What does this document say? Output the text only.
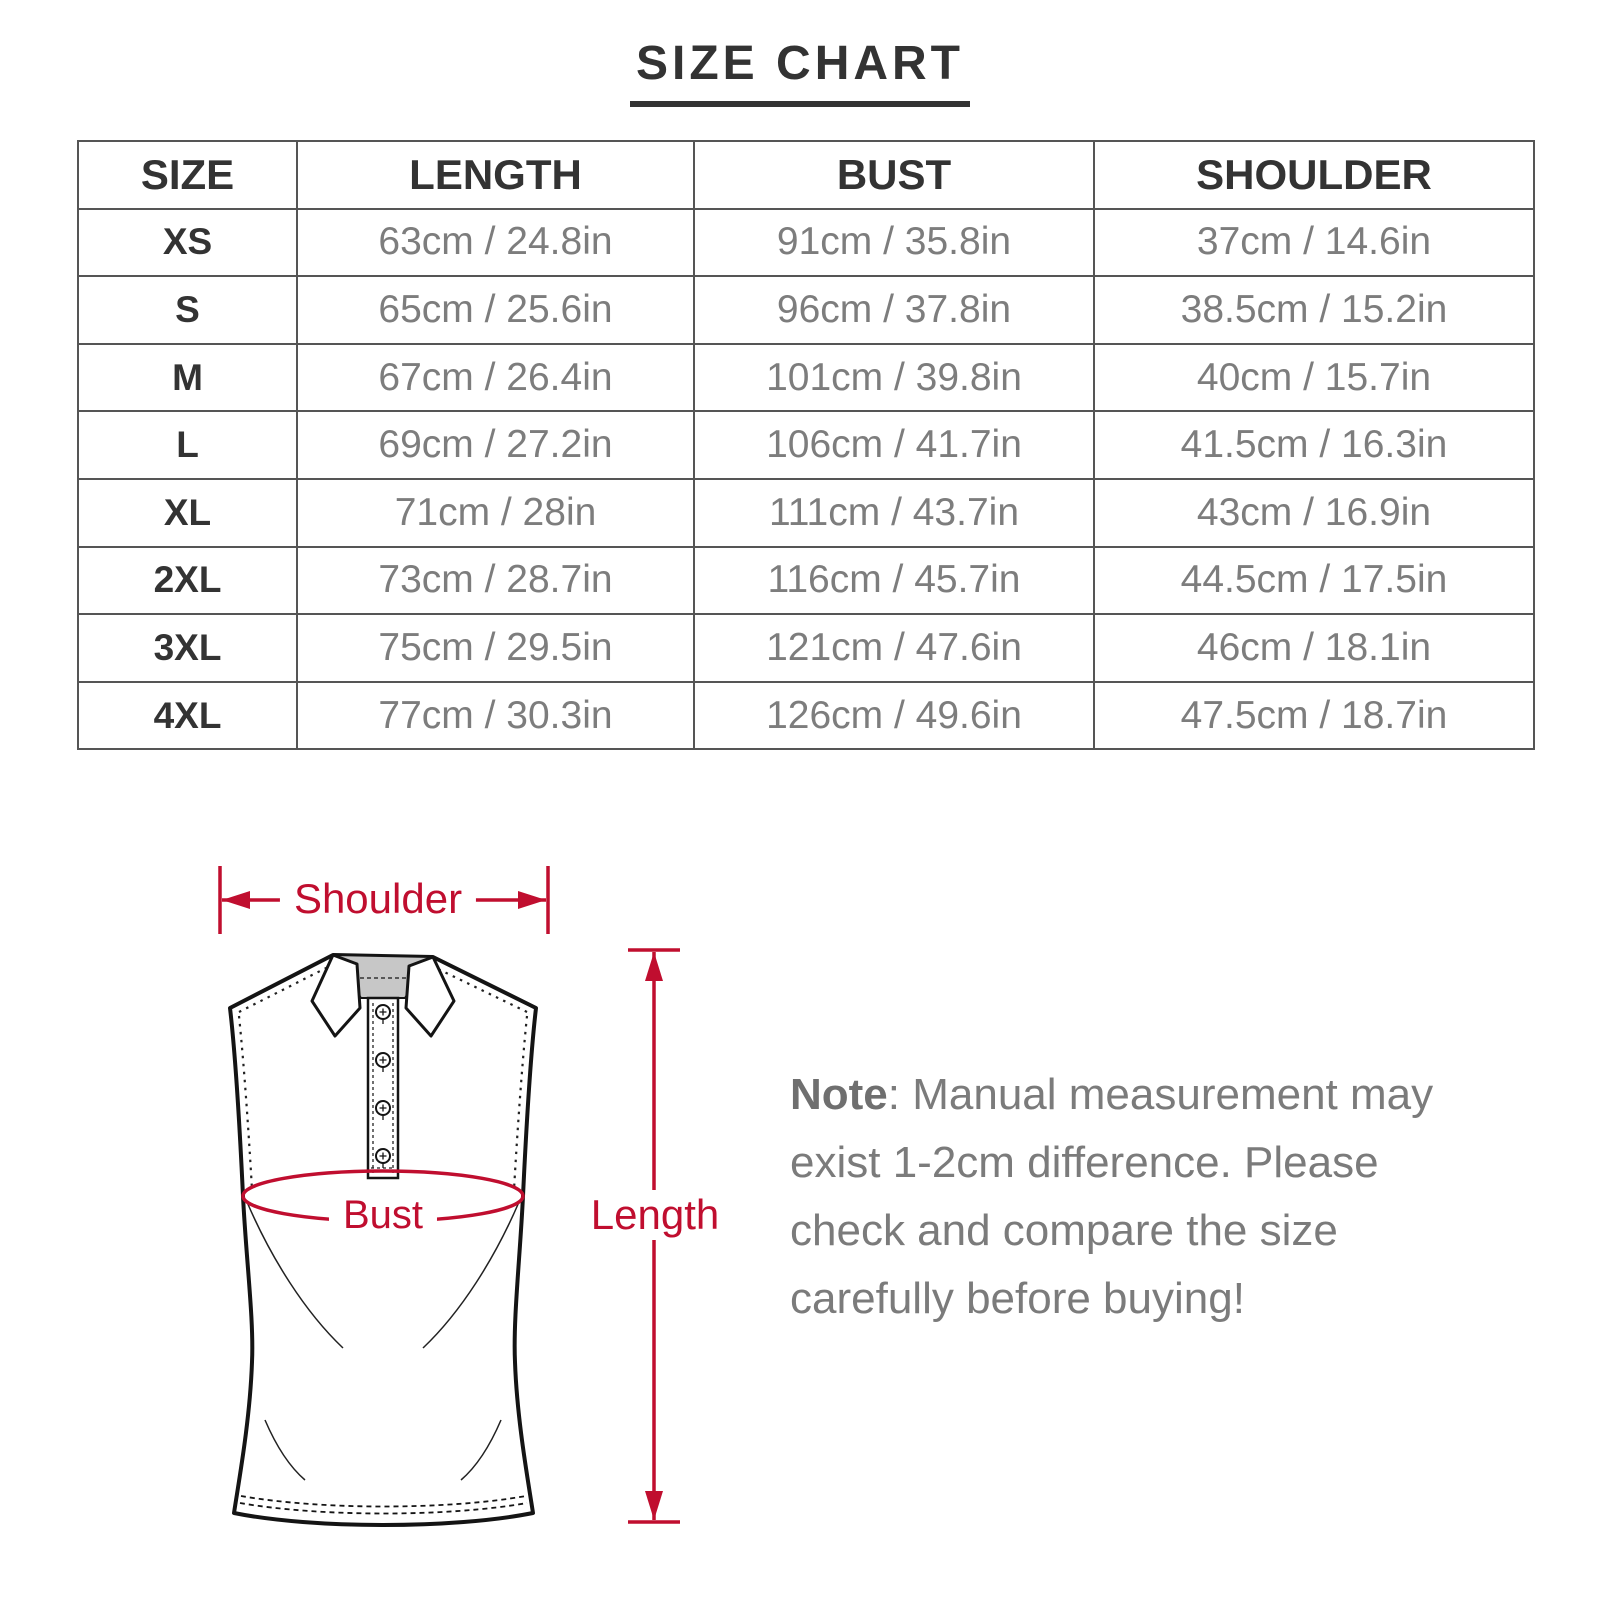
SIZE CHART
SIZE	LENGTH	BUST	SHOULDER
XS	63cm / 24.8in	91cm / 35.8in	37cm / 14.6in
S	65cm / 25.6in	96cm / 37.8in	38.5cm / 15.2in
M	67cm / 26.4in	101cm / 39.8in	40cm / 15.7in
L	69cm / 27.2in	106cm / 41.7in	41.5cm / 16.3in
XL	71cm / 28in	111cm / 43.7in	43cm / 16.9in
2XL	73cm / 28.7in	116cm / 45.7in	44.5cm / 17.5in
3XL	75cm / 29.5in	121cm / 47.6in	46cm / 18.1in
4XL	77cm / 30.3in	126cm / 49.6in	47.5cm / 18.7in
Shoulder
Bust	Length
Note: Manual measurement may
exist 1-2cm difference. Please
check and compare the size
carefully before buying!
